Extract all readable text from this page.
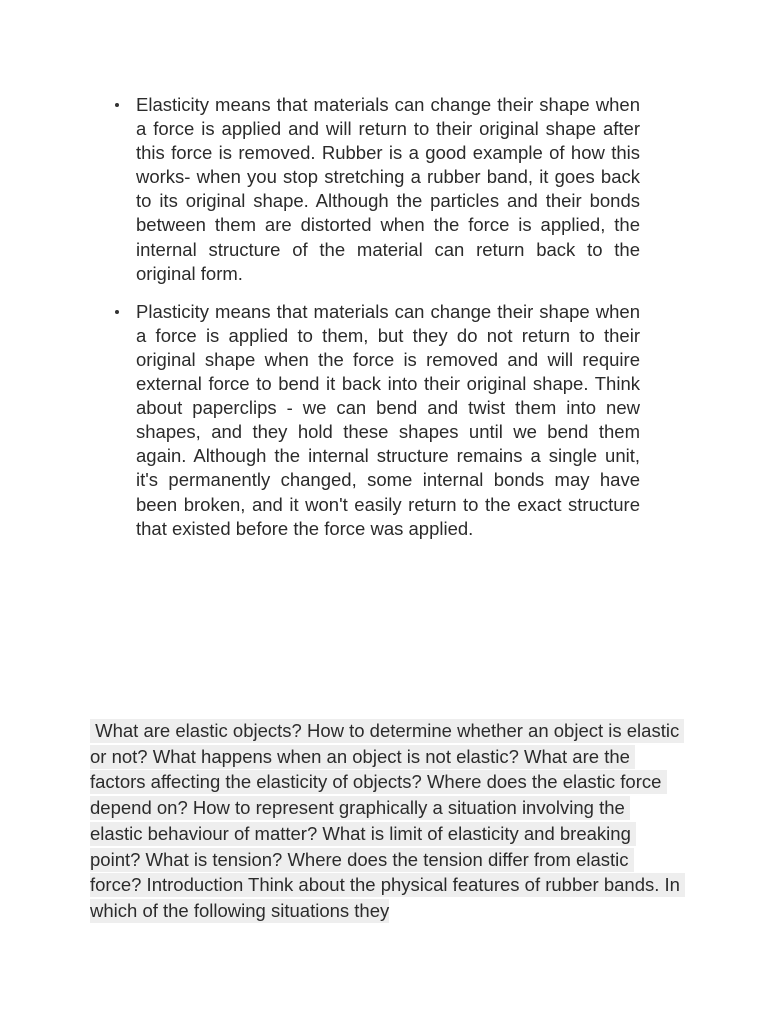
Elasticity means that materials can change their shape when a force is applied and will return to their original shape after this force is removed. Rubber is a good example of how this works- when you stop stretching a rubber band, it goes back to its original shape. Although the particles and their bonds between them are distorted when the force is applied, the internal structure of the material can return back to the original form.
Plasticity means that materials can change their shape when a force is applied to them, but they do not return to their original shape when the force is removed and will require external force to bend it back into their original shape. Think about paperclips - we can bend and twist them into new shapes, and they hold these shapes until we bend them again. Although the internal structure remains a single unit, it's permanently changed, some internal bonds may have been broken, and it won't easily return to the exact structure that existed before the force was applied.

What are elastic objects? How to determine whether an object is elastic or not? What happens when an object is not elastic? What are the factors affecting the elasticity of objects? Where does the elastic force depend on? How to represent graphically a situation involving the elastic behaviour of matter? What is limit of elasticity and breaking point? What is tension? Where does the tension differ from elastic force? Introduction Think about the physical features of rubber bands. In which of the following situations they
